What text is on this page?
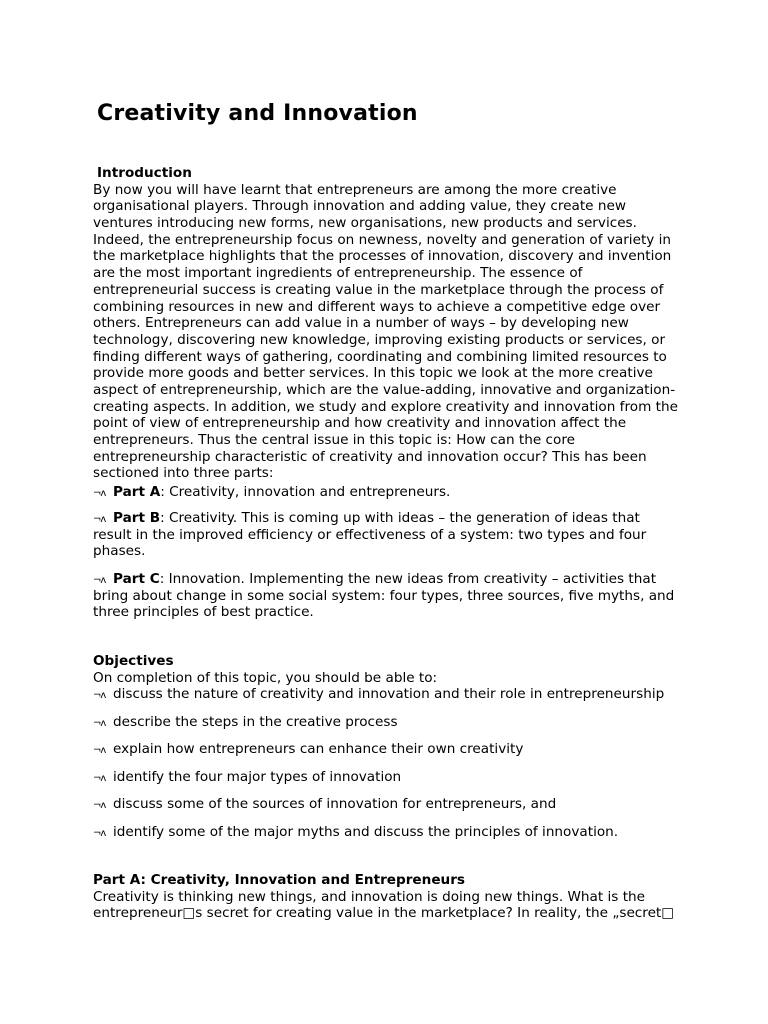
Creativity and Innovation
Introduction
By now you will have learnt that entrepreneurs are among the more creative
organisational players. Through innovation and adding value, they create new
ventures introducing new forms, new organisations, new products and services.
Indeed, the entrepreneurship focus on newness, novelty and generation of variety in
the marketplace highlights that the processes of innovation, discovery and invention
are the most important ingredients of entrepreneurship. The essence of
entrepreneurial success is creating value in the marketplace through the process of
combining resources in new and different ways to achieve a competitive edge over
others. Entrepreneurs can add value in a number of ways – by developing new
technology, discovering new knowledge, improving existing products or services, or
finding different ways of gathering, coordinating and combining limited resources to
provide more goods and better services. In this topic we look at the more creative
aspect of entrepreneurship, which are the value-adding, innovative and organization-
creating aspects. In addition, we study and explore creativity and innovation from the
point of view of entrepreneurship and how creativity and innovation affect the
entrepreneurs. Thus the central issue in this topic is: How can the core
entrepreneurship characteristic of creativity and innovation occur? This has been
sectioned into three parts:
¬ʌ Part A: Creativity, innovation and entrepreneurs.
¬ʌ Part B: Creativity. This is coming up with ideas – the generation of ideas that
result in the improved efficiency or effectiveness of a system: two types and four
phases.
¬ʌ Part C: Innovation. Implementing the new ideas from creativity – activities that
bring about change in some social system: four types, three sources, five myths, and
three principles of best practice.
Objectives
On completion of this topic, you should be able to:
¬ʌ discuss the nature of creativity and innovation and their role in entrepreneurship
¬ʌ describe the steps in the creative process
¬ʌ explain how entrepreneurs can enhance their own creativity
¬ʌ identify the four major types of innovation
¬ʌ discuss some of the sources of innovation for entrepreneurs, and
¬ʌ identify some of the major myths and discuss the principles of innovation.
Part A: Creativity, Innovation and Entrepreneurs
Creativity is thinking new things, and innovation is doing new things. What is the
entrepreneur□s secret for creating value in the marketplace? In reality, the „secret□
